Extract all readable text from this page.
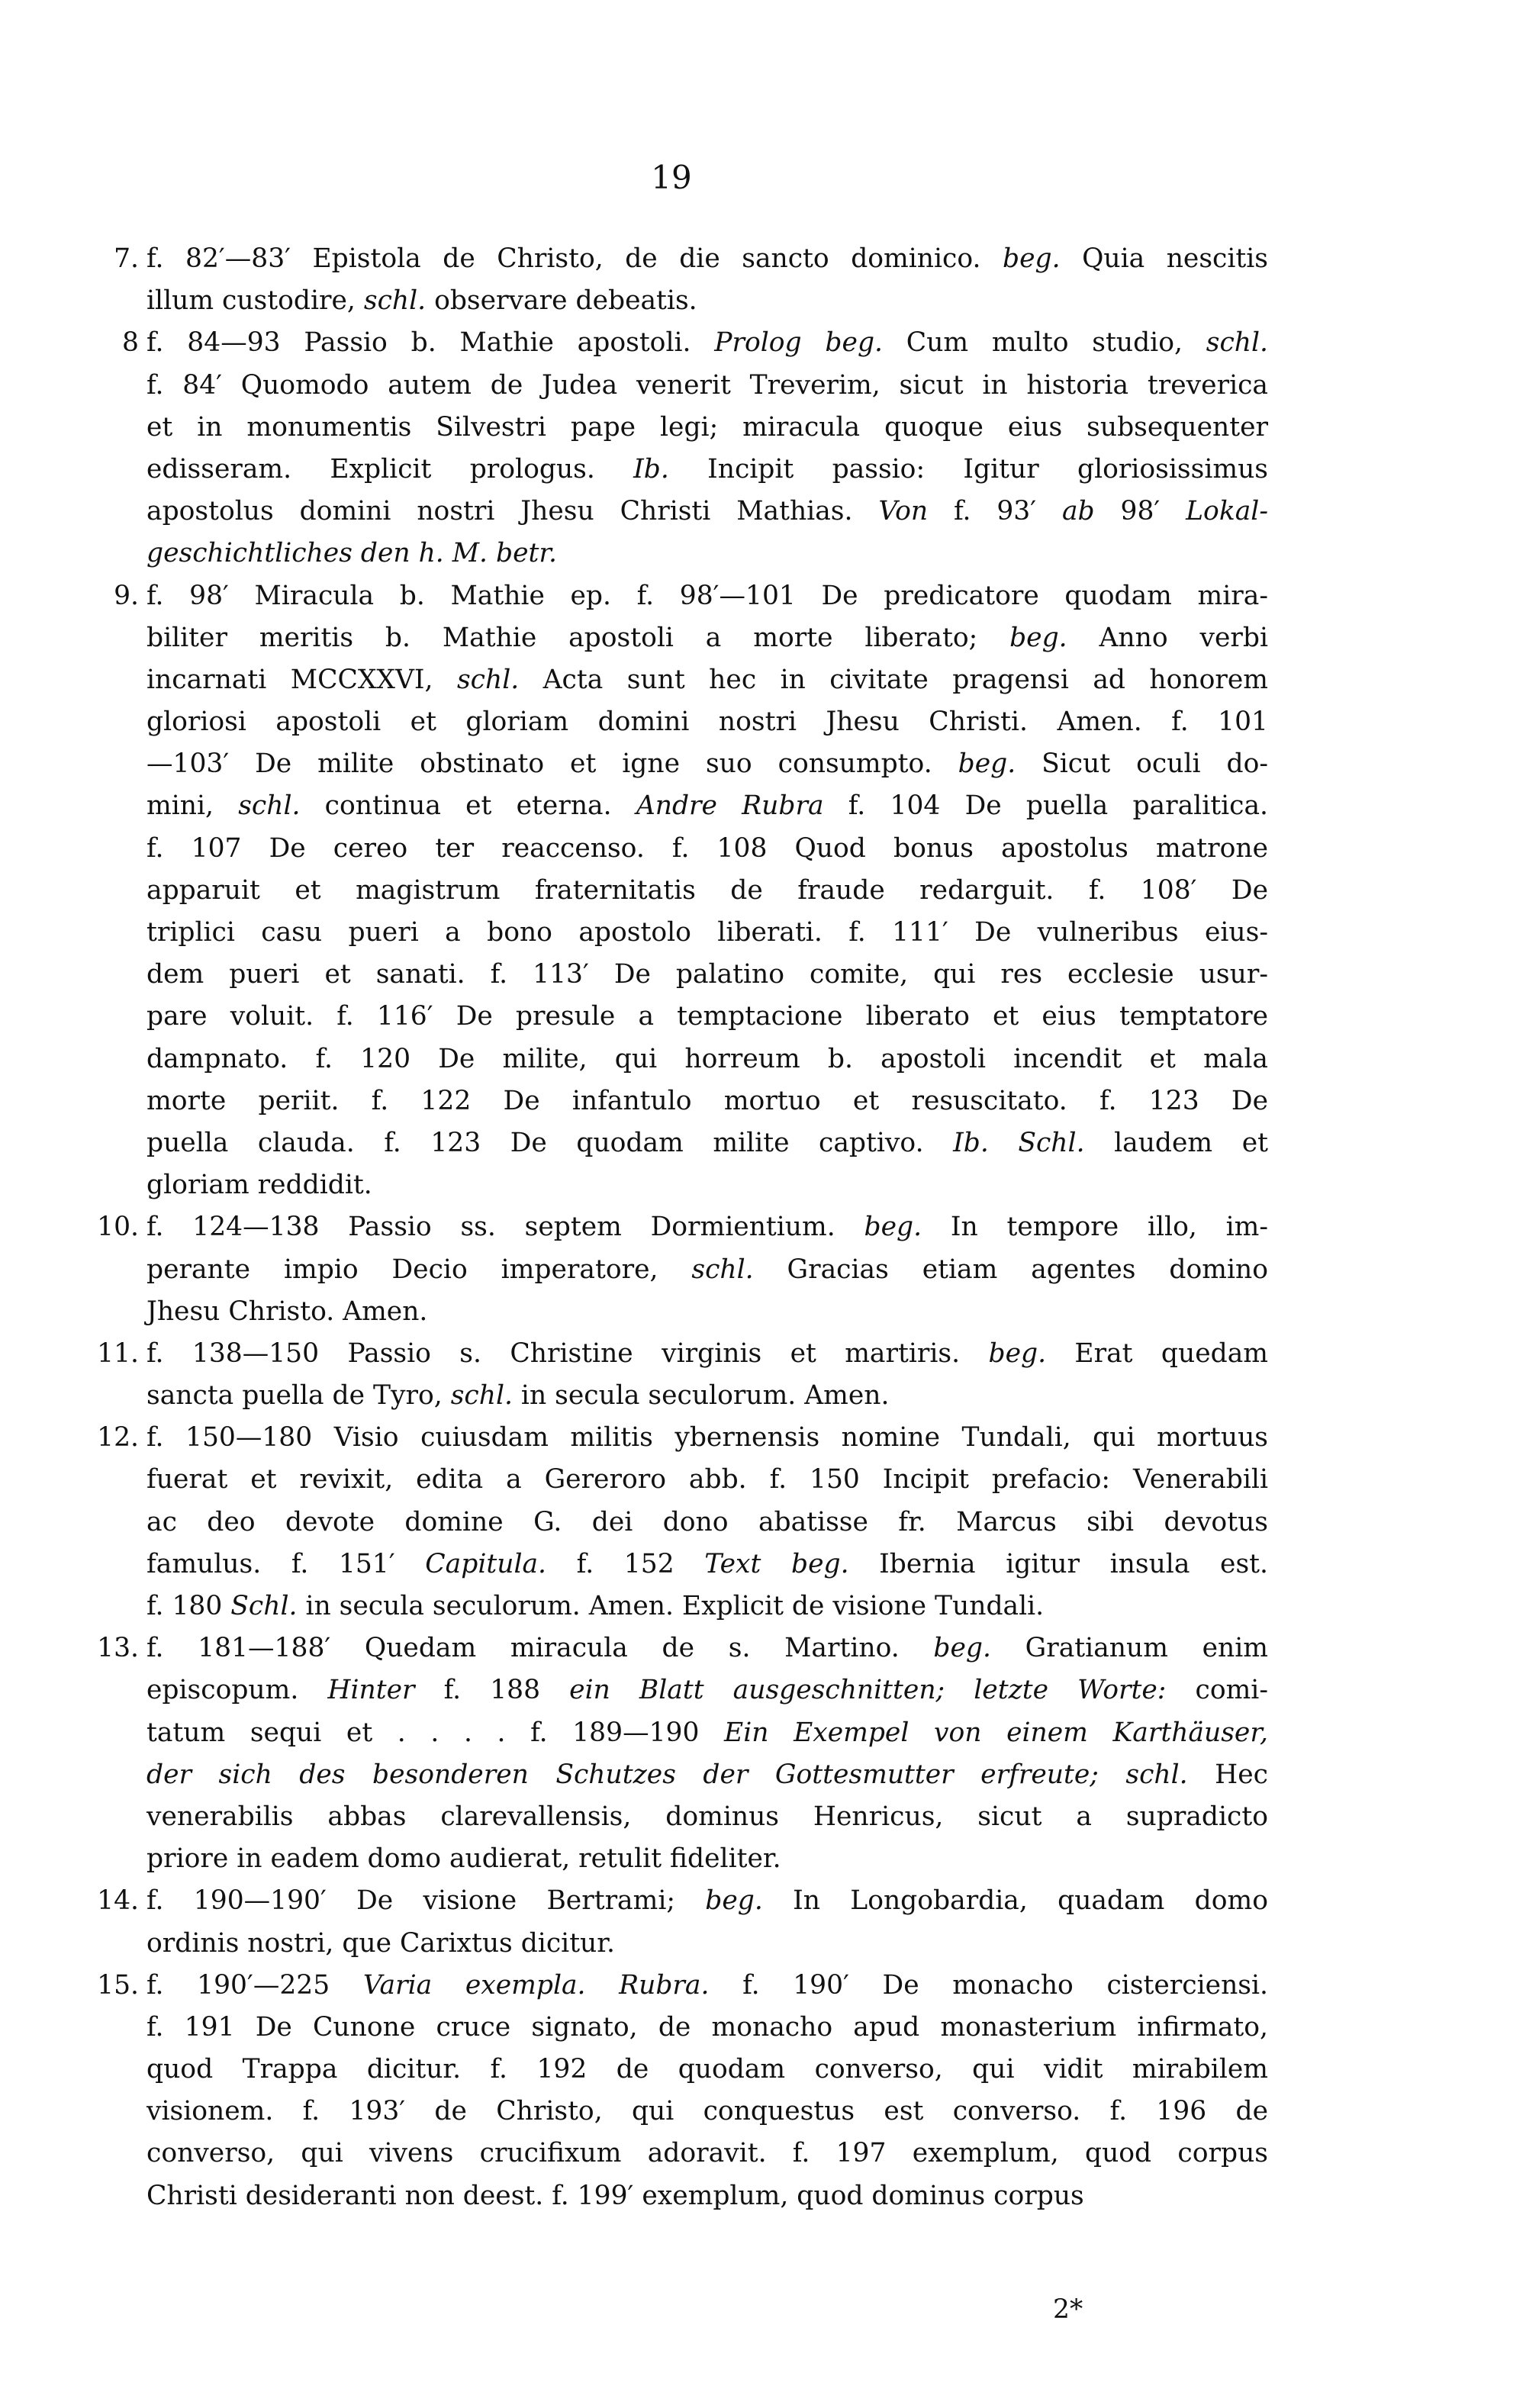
19
7. f. 82′—83′ Epistola de Christo, de die sancto dominico. beg. Quia nescitis
illum custodire, schl. observare debeatis.
8 f. 84—93 Passio b. Mathie apostoli. Prolog beg. Cum multo studio, schl.
f. 84′ Quomodo autem de Judea venerit Treverim, sicut in historia treverica
et in monumentis Silvestri pape legi; miracula quoque eius subsequenter
edisseram. Explicit prologus. Ib. Incipit passio: Igitur gloriosissimus
apostolus domini nostri Jhesu Christi Mathias. Von f. 93′ ab 98′ Lokal-
geschichtliches den h. M. betr.
9. f. 98′ Miracula b. Mathie ep. f. 98′—101 De predicatore quodam mira-
biliter meritis b. Mathie apostoli a morte liberato; beg. Anno verbi
incarnati MCCXXVI, schl. Acta sunt hec in civitate pragensi ad honorem
gloriosi apostoli et gloriam domini nostri Jhesu Christi. Amen. f. 101
—103′ De milite obstinato et igne suo consumpto. beg. Sicut oculi do-
mini, schl. continua et eterna. Andre Rubra f. 104 De puella paralitica.
f. 107 De cereo ter reaccenso. f. 108 Quod bonus apostolus matrone
apparuit et magistrum fraternitatis de fraude redarguit. f. 108′ De
triplici casu pueri a bono apostolo liberati. f. 111′ De vulneribus eius-
dem pueri et sanati. f. 113′ De palatino comite, qui res ecclesie usur-
pare voluit. f. 116′ De presule a temptacione liberato et eius temptatore
dampnato. f. 120 De milite, qui horreum b. apostoli incendit et mala
morte periit. f. 122 De infantulo mortuo et resuscitato. f. 123 De
puella clauda. f. 123 De quodam milite captivo. Ib. Schl. laudem et
gloriam reddidit.
10. f. 124—138 Passio ss. septem Dormientium. beg. In tempore illo, im-
perante impio Decio imperatore, schl. Gracias etiam agentes domino
Jhesu Christo. Amen.
11. f. 138—150 Passio s. Christine virginis et martiris. beg. Erat quedam
sancta puella de Tyro, schl. in secula seculorum. Amen.
12. f. 150—180 Visio cuiusdam militis ybernensis nomine Tundali, qui mortuus
fuerat et revixit, edita a Gereroro abb. f. 150 Incipit prefacio: Venerabili
ac deo devote domine G. dei dono abatisse fr. Marcus sibi devotus
famulus. f. 151′ Capitula. f. 152 Text beg. Ibernia igitur insula est.
f. 180 Schl. in secula seculorum. Amen. Explicit de visione Tundali.
13. f. 181—188′ Quedam miracula de s. Martino. beg. Gratianum enim
episcopum. Hinter f. 188 ein Blatt ausgeschnitten; letzte Worte: comi-
tatum sequi et . . . . f. 189—190 Ein Exempel von einem Karthäuser,
der sich des besonderen Schutzes der Gottesmutter erfreute; schl. Hec
venerabilis abbas clarevallensis, dominus Henricus, sicut a supradicto
priore in eadem domo audierat, retulit fideliter.
14. f. 190—190′ De visione Bertrami; beg. In Longobardia, quadam domo
ordinis nostri, que Carixtus dicitur.
15. f. 190′—225 Varia exempla. Rubra. f. 190′ De monacho cisterciensi.
f. 191 De Cunone cruce signato, de monacho apud monasterium infirmato,
quod Trappa dicitur. f. 192 de quodam converso, qui vidit mirabilem
visionem. f. 193′ de Christo, qui conquestus est converso. f. 196 de
converso, qui vivens crucifixum adoravit. f. 197 exemplum, quod corpus
Christi desideranti non deest. f. 199′ exemplum, quod dominus corpus
2*
